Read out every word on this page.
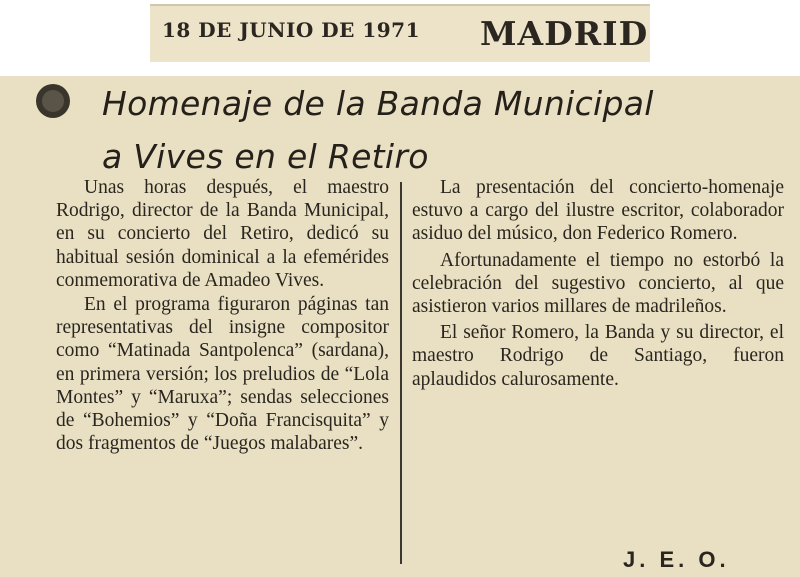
18 DE JUNIO DE 1971 MADRID
Homenaje de la Banda Municipal
a Vives en el Retiro

Unas horas después, el maestro Rodrigo, director de la Banda Municipal, en su concierto del Retiro, dedicó su habitual sesión dominical a la efemérides conmemorativa de Amadeo Vives.

En el programa figuraron páginas tan representativas del insigne compositor como “Matinada Santpolenca” (sardana), en primera versión; los preludios de “Lola Montes” y “Maruxa”; sendas selecciones de “Bohemios” y “Doña Francisquita” y dos fragmentos de “Juegos malabares”.

La presentación del concierto-homenaje estuvo a cargo del ilustre escritor, colaborador asiduo del músico, don Federico Romero.

Afortunadamente el tiempo no estorbó la celebración del sugestivo concierto, al que asistieron varios millares de madrileños.

El señor Romero, la Banda y su director, el maestro Rodrigo de Santiago, fueron aplaudidos calurosamente.

J. E. O.
